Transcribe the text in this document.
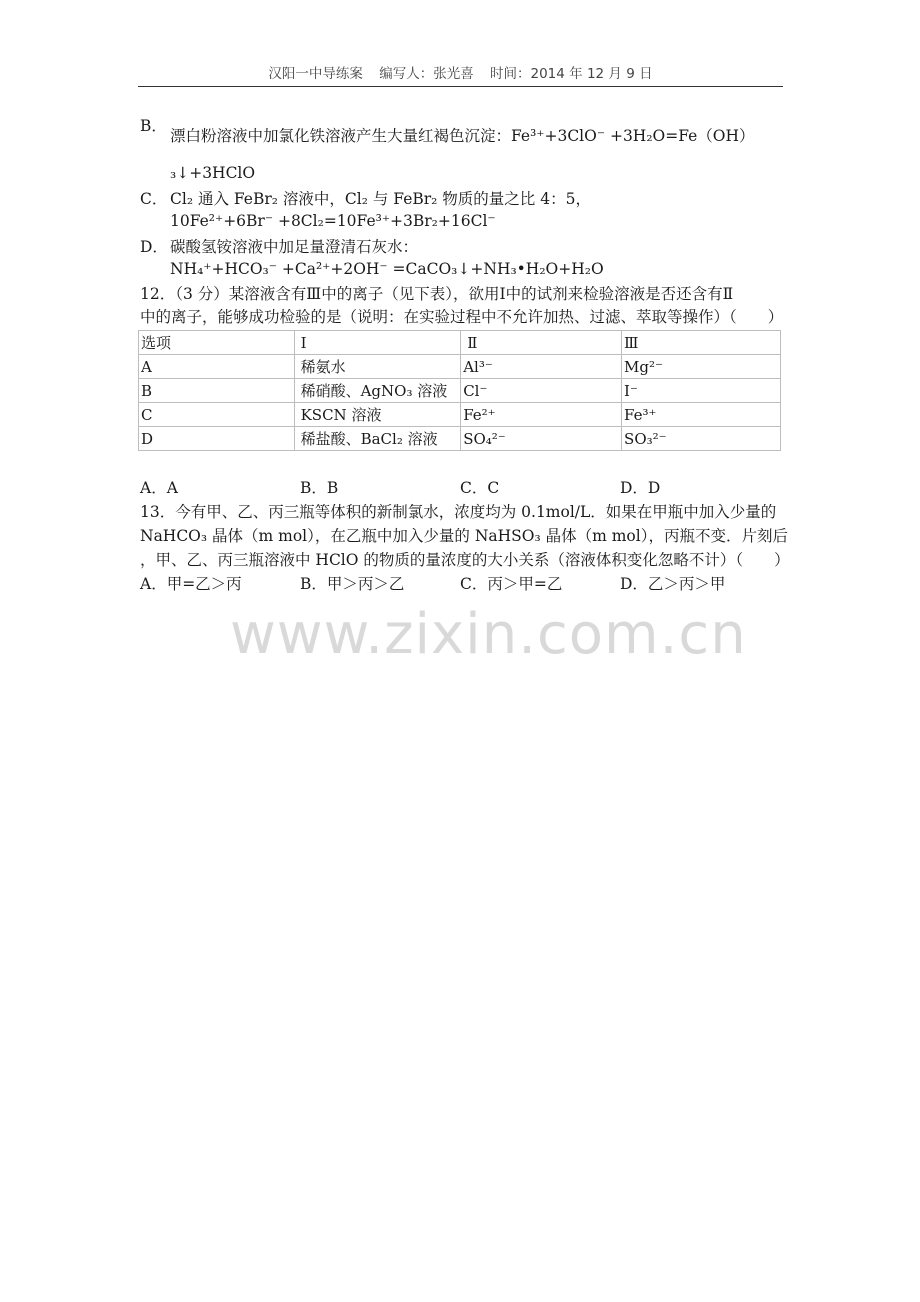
汉阳一中导练案 编写人：张光喜 时间：2014 年 12 月 9 日
B．
漂白粉溶液中加氯化铁溶液产生大量红褐色沉淀：Fe³⁺+3ClO⁻ +3H₂O=Fe（OH）
₃↓+3HClO
C． Cl₂ 通入 FeBr₂ 溶液中，Cl₂ 与 FeBr₂ 物质的量之比 4：5，
10Fe²⁺+6Br⁻ +8Cl₂=10Fe³⁺+3Br₂+16Cl⁻
D． 碳酸氢铵溶液中加足量澄清石灰水：
NH₄⁺+HCO₃⁻ +Ca²⁺+2OH⁻ =CaCO₃↓+NH₃•H₂O+H₂O
12．（3 分）某溶液含有Ⅲ中的离子（见下表），欲用Ⅰ中的试剂来检验溶液是否还含有Ⅱ
中的离子，能够成功检验的是（说明：在实验过程中不允许加热、过滤、萃取等操作）（　　）
选项	Ⅰ	Ⅱ	Ⅲ
A	稀氨水	Al³⁻	Mg²⁻
B	稀硝酸、AgNO₃ 溶液	Cl⁻	I⁻
C	KSCN 溶液	Fe²⁺	Fe³⁺
D	稀盐酸、BaCl₂ 溶液	SO₄²⁻	SO₃²⁻
A．A	B．B	C．C	D．D
13．今有甲、乙、丙三瓶等体积的新制氯水，浓度均为 0.1mol/L．如果在甲瓶中加入少量的
NaHCO₃ 晶体（m mol），在乙瓶中加入少量的 NaHSO₃ 晶体（m mol），丙瓶不变．片刻后
，甲、乙、丙三瓶溶液中 HClO 的物质的量浓度的大小关系（溶液体积变化忽略不计）（　　）
A．甲=乙＞丙	B．甲＞丙＞乙	C．丙＞甲=乙	D．乙＞丙＞甲
www.zixin.com.cn
